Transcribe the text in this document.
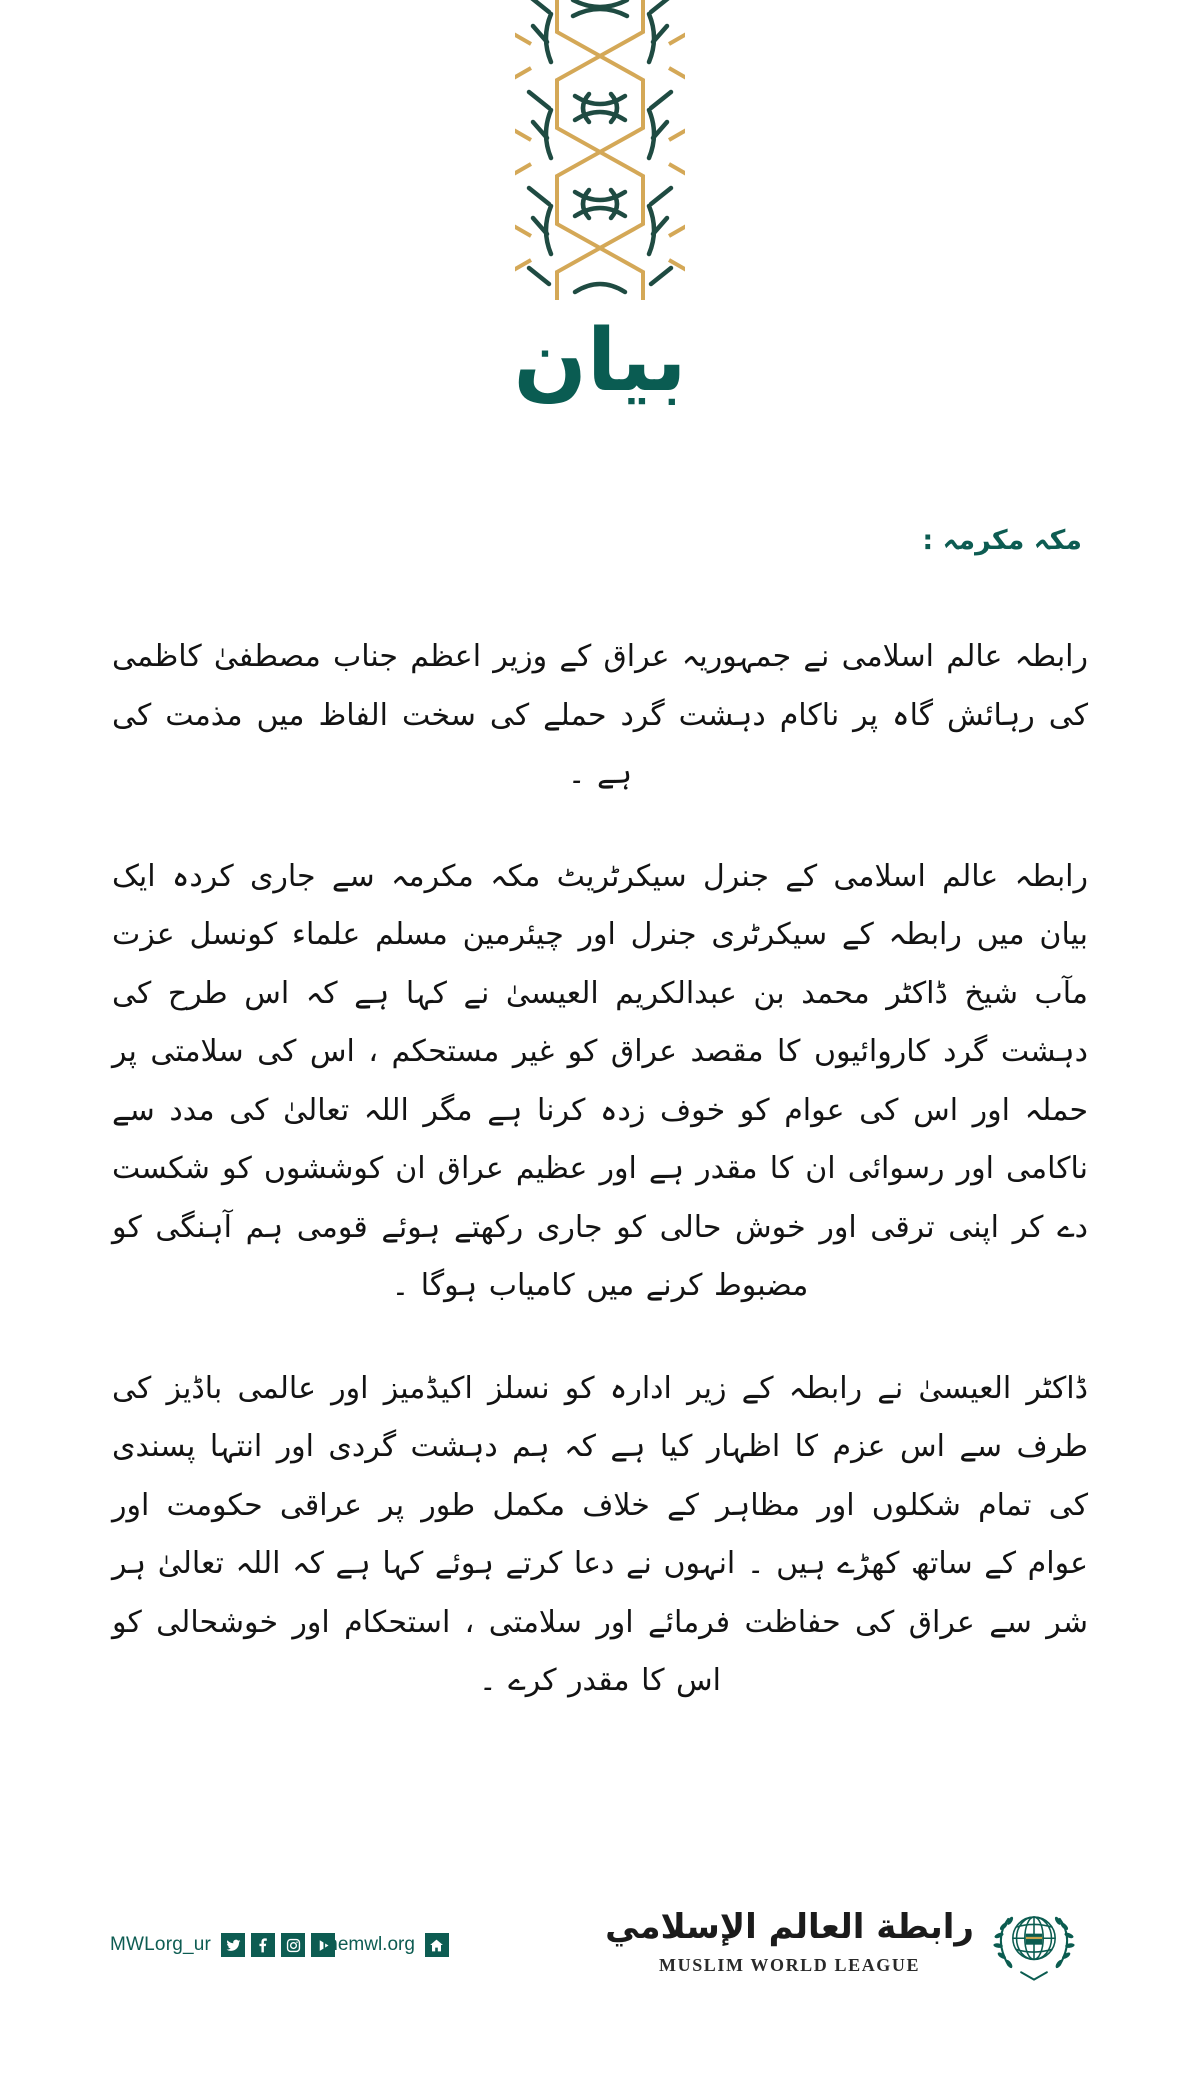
بيان
مکہ مکرمہ :

رابطہ عالم اسلامی نے جمہوریہ عراق کے وزیر اعظم جناب مصطفیٰ کاظمی کی رہائش گاہ پر ناکام دہشت گرد حملے کی سخت الفاظ میں مذمت کی ہے ۔

رابطہ عالم اسلامی کے جنرل سیکرٹریٹ مکہ مکرمہ سے جاری کردہ ایک بیان میں رابطہ کے سیکرٹری جنرل اور چیئرمین مسلم علماء کونسل عزت مآب شیخ ڈاکٹر محمد بن عبدالکریم العیسیٰ نے کہا ہے کہ اس طرح کی دہشت گرد کاروائیوں کا مقصد عراق کو غیر مستحکم ، اس کی سلامتی پر حملہ اور اس کی عوام کو خوف زدہ کرنا ہے مگر اللہ تعالیٰ کی مدد سے ناکامی اور رسوائی ان کا مقدر ہے اور عظیم عراق ان کوششوں کو شکست دے کر اپنی ترقی اور خوش حالی کو جاری رکھتے ہوئے قومی ہم آہنگی کو مضبوط کرنے میں کامیاب ہوگا ۔

ڈاکٹر العیسیٰ نے رابطہ کے زیر ادارہ کو نسلز اکیڈمیز اور عالمی باڈیز کی طرف سے اس عزم کا اظہار کیا ہے کہ ہم دہشت گردی اور انتہا پسندی کی تمام شکلوں اور مظاہر کے خلاف مکمل طور پر عراقی حکومت اور عوام کے ساتھ کھڑے ہیں ۔ انہوں نے دعا کرتے ہوئے کہا ہے کہ اللہ تعالیٰ ہر شر سے عراق کی حفاظت فرمائے اور سلامتی ، استحکام اور خوشحالی کو اس کا مقدر کرے ۔

MWLorg_ur	themwl.org	رابطة العالم الإسلامي
MUSLIM WORLD LEAGUE
